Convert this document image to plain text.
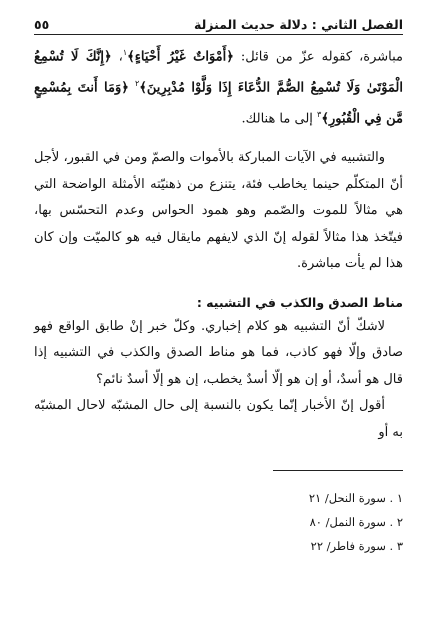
الفصل الثاني : دلالة حديث المنزلة
٥٥

مباشرة، كقوله عزّ من قائل: ﴿أَمْوَاتٌ غَيْرُ أَحْيَاءٍ﴾$^١$، ﴿إِنَّكَ لَا تُسْمِعُ الْمَوْتَىٰ وَلَا تُسْمِعُ الصُّمَّ الدُّعَاءَ إِذَا وَلَّوْا مُدْبِرِينَ﴾$^٢$ ﴿وَمَا أَنتَ بِمُسْمِعٍ مَّن فِي الْقُبُورِ﴾$^٣$ إلى ما هنالك.

والتشبيه في الآيات المباركة بالأموات والصمّ ومن في القبور، لأجل أنّ المتكلّم حينما يخاطب فئة، يتنزع من ذهنيّته الأمثلة الواضحة التي هي مثالاً للموت والصّمم وهو همود الحواس وعدم التحسّس بها، فيتّخذ هذا مثالاً لقوله إنّ الذي لايفهم مايقال فيه هو كالميّت وإن كان هذا لم يأت مباشرة.

مناط الصدق والكذب في التشبيه :

لاشكّ أنّ التشبيه هو كلام إخباري. وكلّ خبر إنْ طابق الواقع فهو صادق وإلّا فهو كاذب، فما هو مناط الصدق والكذب في التشبيه إذا قال هو أسدٌ، أو إن هو إلّا أسدٌ يخطب، إن هو إلّا أسدٌ نائم؟

أقول إنّ الأخبار إنّما يكون بالنسبة إلى حال المشبّه لاحال المشبّه به أو

١ . سورة النحل/ ٢١
٢ . سورة النمل/ ٨٠
٣ . سورة فاطر/ ٢٢
